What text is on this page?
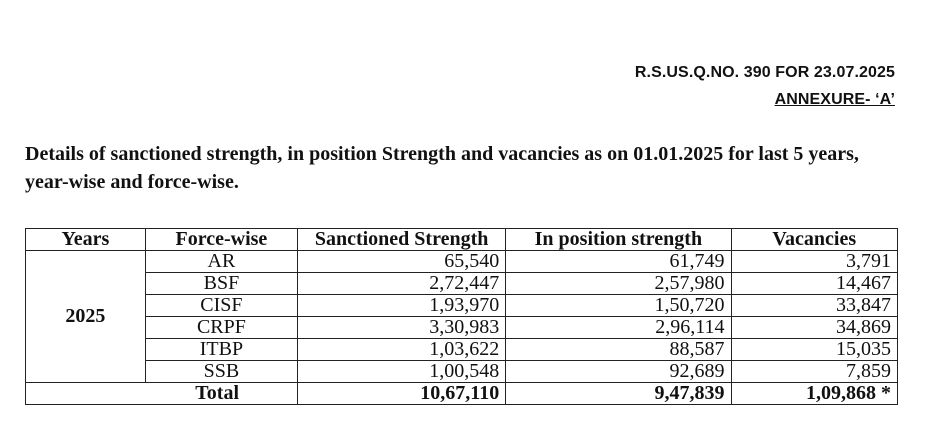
R.S.US.Q.NO. 390 FOR 23.07.2025
ANNEXURE- ‘A’
Details of sanctioned strength, in position Strength and vacancies as on 01.01.2025 for last 5 years, year-wise and force-wise.
Years	Force-wise	Sanctioned Strength	In position strength	Vacancies
2025	AR	65,540	61,749	3,791
	BSF	2,72,447	2,57,980	14,467
	CISF	1,93,970	1,50,720	33,847
	CRPF	3,30,983	2,96,114	34,869
	ITBP	1,03,622	88,587	15,035
	SSB	1,00,548	92,689	7,859
Total		10,67,110	9,47,839	1,09,868 *
